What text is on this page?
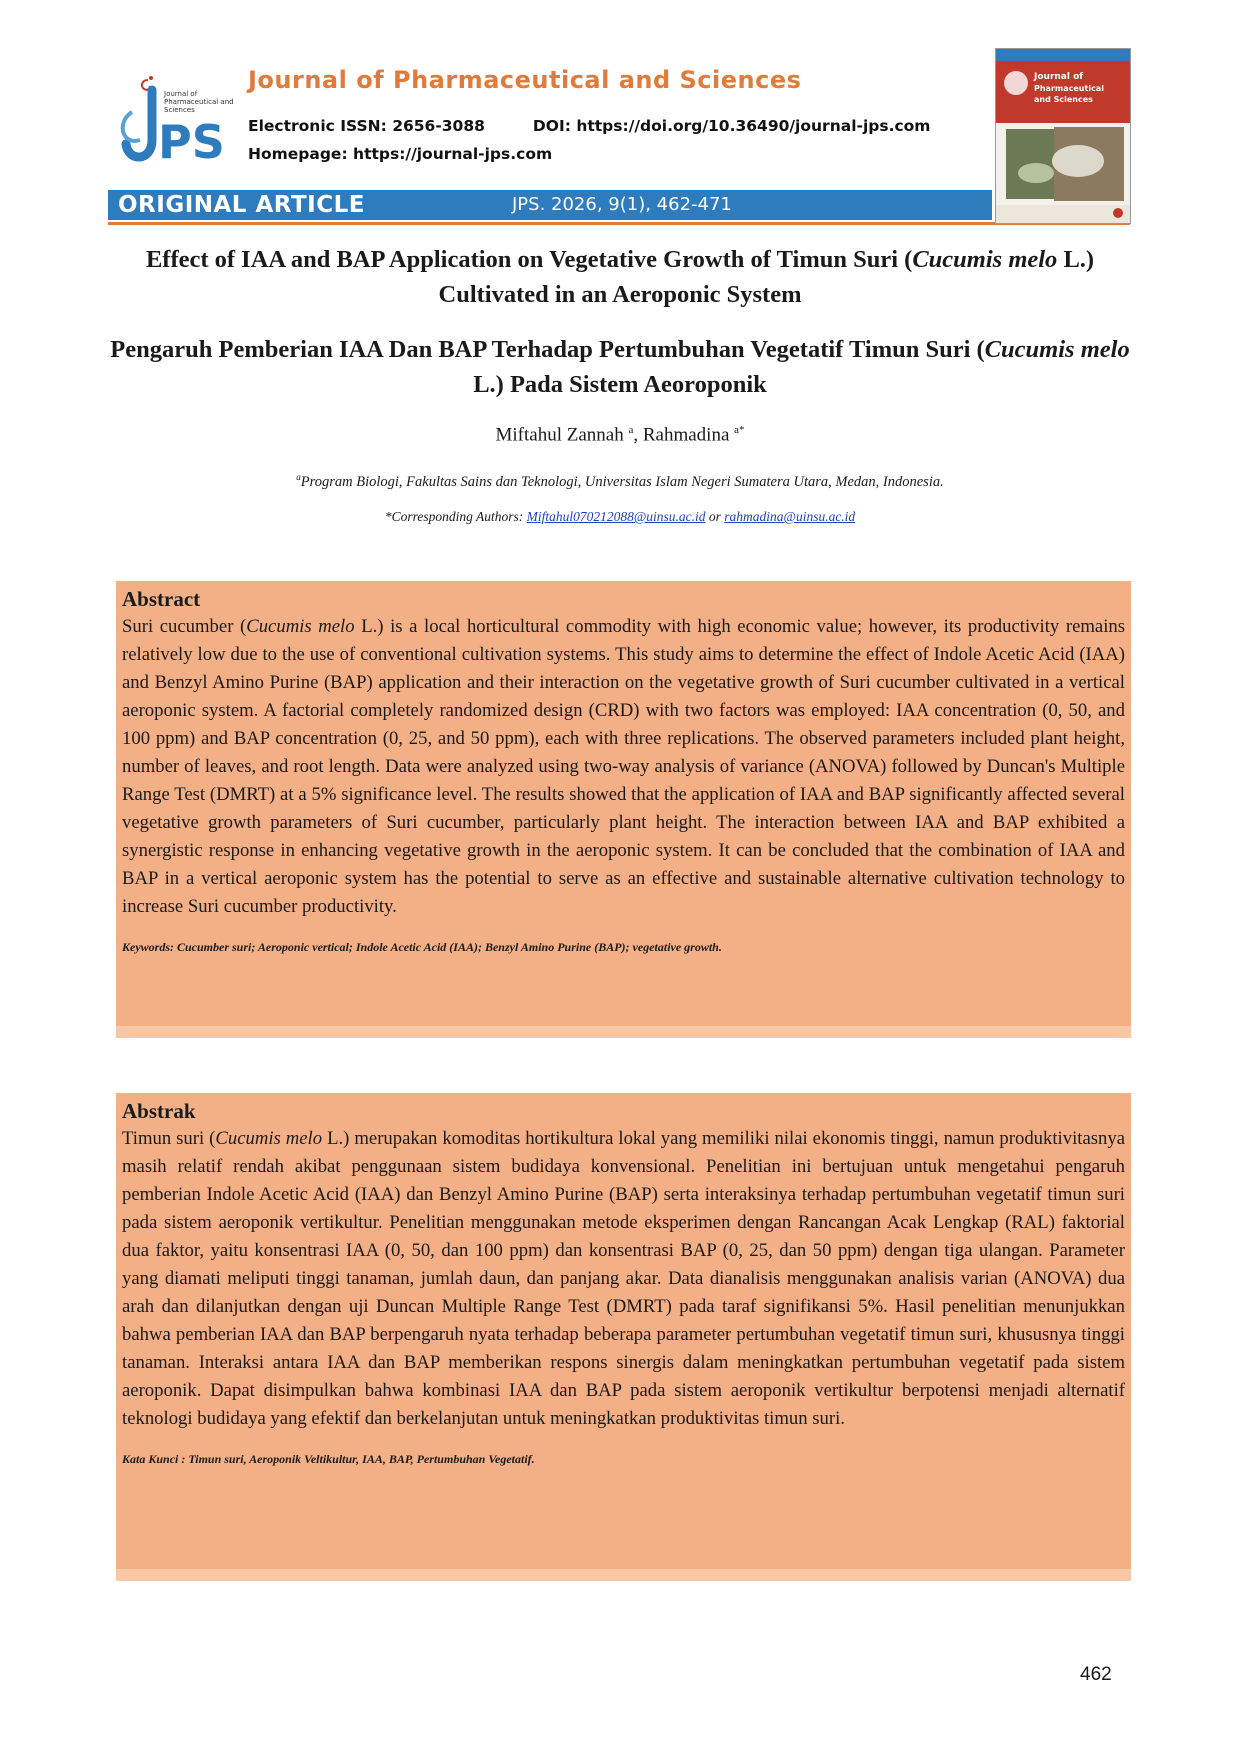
Journal of
Pharmaceutical and
Sciences
PS
Journal of Pharmaceutical and Sciences
Electronic ISSN: 2656-3088	DOI: https://doi.org/10.36490/journal-jps.com
Homepage: https://journal-jps.com
ORIGINAL ARTICLE	JPS. 2026, 9(1), 462-471
Journal of
Pharmaceutical
and Sciences
Effect of IAA and BAP Application on Vegetative Growth of Timun Suri (Cucumis melo L.) Cultivated in an Aeroponic System
Pengaruh Pemberian IAA Dan BAP Terhadap Pertumbuhan Vegetatif Timun Suri (Cucumis melo L.) Pada Sistem Aeoroponik
Miftahul Zannah $^a$, Rahmadina $^{a*}$
$^a$Program Biologi, Fakultas Sains dan Teknologi, Universitas Islam Negeri Sumatera Utara, Medan, Indonesia.
*Corresponding Authors: Miftahul070212088@uinsu.ac.id or rahmadina@uinsu.ac.id
Abstract
Suri cucumber (Cucumis melo L.) is a local horticultural commodity with high economic value; however, its productivity remains relatively low due to the use of conventional cultivation systems. This study aims to determine the effect of Indole Acetic Acid (IAA) and Benzyl Amino Purine (BAP) application and their interaction on the vegetative growth of Suri cucumber cultivated in a vertical aeroponic system. A factorial completely randomized design (CRD) with two factors was employed: IAA concentration (0, 50, and 100 ppm) and BAP concentration (0, 25, and 50 ppm), each with three replications. The observed parameters included plant height, number of leaves, and root length. Data were analyzed using two-way analysis of variance (ANOVA) followed by Duncan's Multiple Range Test (DMRT) at a 5% significance level. The results showed that the application of IAA and BAP significantly affected several vegetative growth parameters of Suri cucumber, particularly plant height. The interaction between IAA and BAP exhibited a synergistic response in enhancing vegetative growth in the aeroponic system. It can be concluded that the combination of IAA and BAP in a vertical aeroponic system has the potential to serve as an effective and sustainable alternative cultivation technology to increase Suri cucumber productivity.
Keywords: Cucumber suri; Aeroponic vertical; Indole Acetic Acid (IAA); Benzyl Amino Purine (BAP); vegetative growth.
Abstrak
Timun suri (Cucumis melo L.) merupakan komoditas hortikultura lokal yang memiliki nilai ekonomis tinggi, namun produktivitasnya masih relatif rendah akibat penggunaan sistem budidaya konvensional. Penelitian ini bertujuan untuk mengetahui pengaruh pemberian Indole Acetic Acid (IAA) dan Benzyl Amino Purine (BAP) serta interaksinya terhadap pertumbuhan vegetatif timun suri pada sistem aeroponik vertikultur. Penelitian menggunakan metode eksperimen dengan Rancangan Acak Lengkap (RAL) faktorial dua faktor, yaitu konsentrasi IAA (0, 50, dan 100 ppm) dan konsentrasi BAP (0, 25, dan 50 ppm) dengan tiga ulangan. Parameter yang diamati meliputi tinggi tanaman, jumlah daun, dan panjang akar. Data dianalisis menggunakan analisis varian (ANOVA) dua arah dan dilanjutkan dengan uji Duncan Multiple Range Test (DMRT) pada taraf signifikansi 5%. Hasil penelitian menunjukkan bahwa pemberian IAA dan BAP berpengaruh nyata terhadap beberapa parameter pertumbuhan vegetatif timun suri, khususnya tinggi tanaman. Interaksi antara IAA dan BAP memberikan respons sinergis dalam meningkatkan pertumbuhan vegetatif pada sistem aeroponik. Dapat disimpulkan bahwa kombinasi IAA dan BAP pada sistem aeroponik vertikultur berpotensi menjadi alternatif teknologi budidaya yang efektif dan berkelanjutan untuk meningkatkan produktivitas timun suri.
Kata Kunci : Timun suri, Aeroponik Veltikultur, IAA, BAP, Pertumbuhan Vegetatif.
462
